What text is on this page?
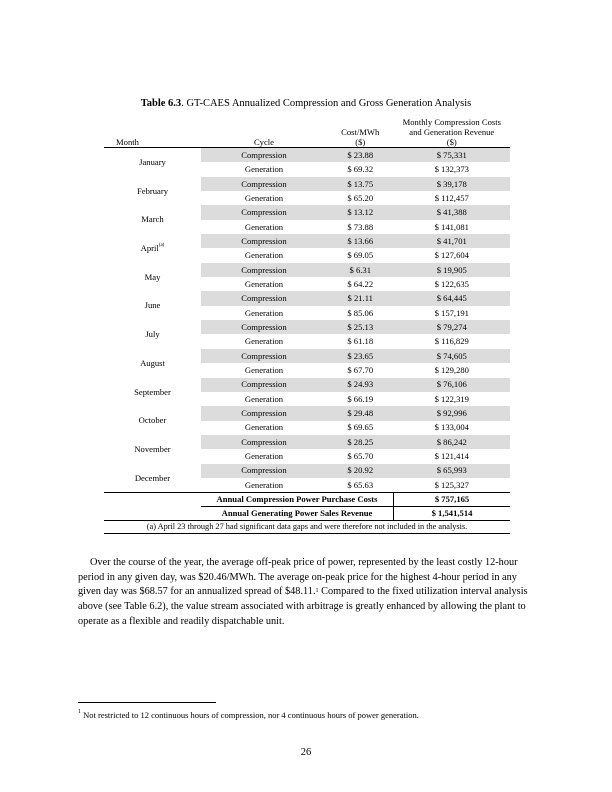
Table 6.3. GT-CAES Annualized Compression and Gross Generation Analysis
			Monthly Compression Costs
		Cost/MWh	and Generation Revenue
Month	Cycle	($)	($)
January	Compression	$ 23.88	$ 75,331
	Generation	$ 69.32	$ 132,373
February	Compression	$ 13.75	$ 39,178
	Generation	$ 65.20	$ 112,457
March	Compression	$ 13.12	$ 41,388
	Generation	$ 73.88	$ 141,081
April$^{(a)}$	Compression	$ 13.66	$ 41,701
	Generation	$ 69.05	$ 127,604
May	Compression	$ 6.31	$ 19,905
	Generation	$ 64.22	$ 122,635
June	Compression	$ 21.11	$ 64,445
	Generation	$ 85.06	$ 157,191
July	Compression	$ 25.13	$ 79,274
	Generation	$ 61.18	$ 116,829
August	Compression	$ 23.65	$ 74,605
	Generation	$ 67.70	$ 129,280
September	Compression	$ 24.93	$ 76,106
	Generation	$ 66.19	$ 122,319
October	Compression	$ 29.48	$ 92,996
	Generation	$ 69.65	$ 133,004
November	Compression	$ 28.25	$ 86,242
	Generation	$ 65.70	$ 121,414
December	Compression	$ 20.92	$ 65,993
	Generation	$ 65.63	$ 125,327
	Annual Compression Power Purchase Costs		$ 757,165
	Annual Generating Power Sales Revenue		$ 1,541,514
(a) April 23 through 27 had significant data gaps and were therefore not included in the analysis.			
Over the course of the year, the average off-peak price of power, represented by the least costly 12-hour period in any given day, was $20.46/MWh. The average on-peak price for the highest 4-hour period in any given day was $68.57 for an annualized spread of $48.11.$^1$ Compared to the fixed utilization interval analysis above (see Table 6.2), the value stream associated with arbitrage is greatly enhanced by allowing the plant to operate as a flexible and readily dispatchable unit.
$^1$ Not restricted to 12 continuous hours of compression, nor 4 continuous hours of power generation.
26
